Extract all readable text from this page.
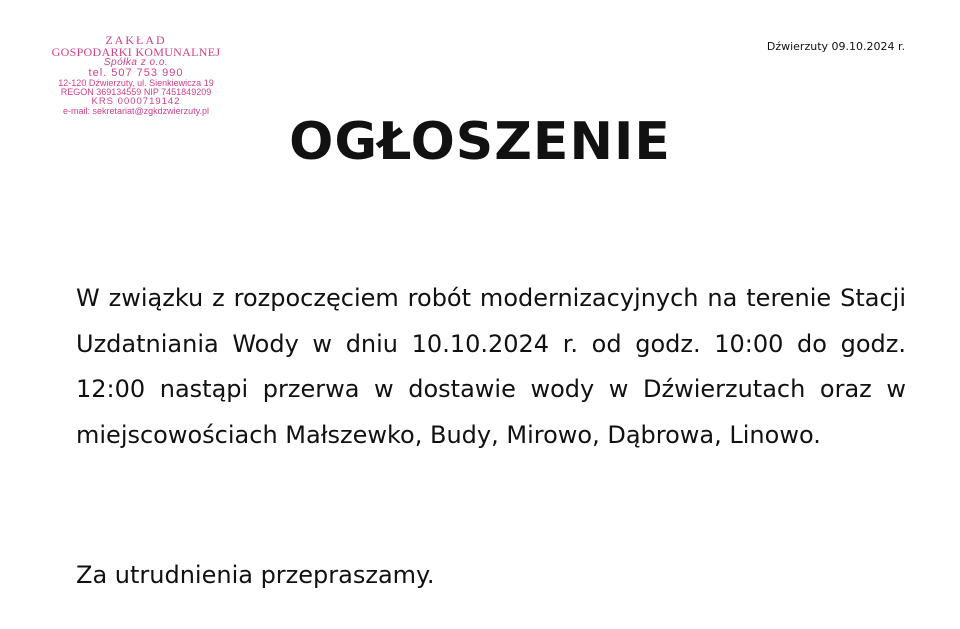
ZAKŁAD
GOSPODARKI KOMUNALNEJ
Spółka z o.o.
tel. 507 753 990
12-120 Dźwierzuty, ul. Sienkiewicza 19
REGON 369134559 NIP 7451849209
KRS 0000719142
e-mail: sekretariat@zgkdzwierzuty.pl
Dźwierzuty 09.10.2024 r.
OGŁOSZENIE

W związku z rozpoczęciem robót modernizacyjnych na terenie Stacji Uzdatniania Wody w dniu 10.10.2024 r. od godz. 10:00 do godz. 12:00 nastąpi przerwa w dostawie wody w Dźwierzutach oraz w miejscowościach Małszewko, Budy, Mirowo, Dąbrowa, Linowo.

Za utrudnienia przepraszamy.
